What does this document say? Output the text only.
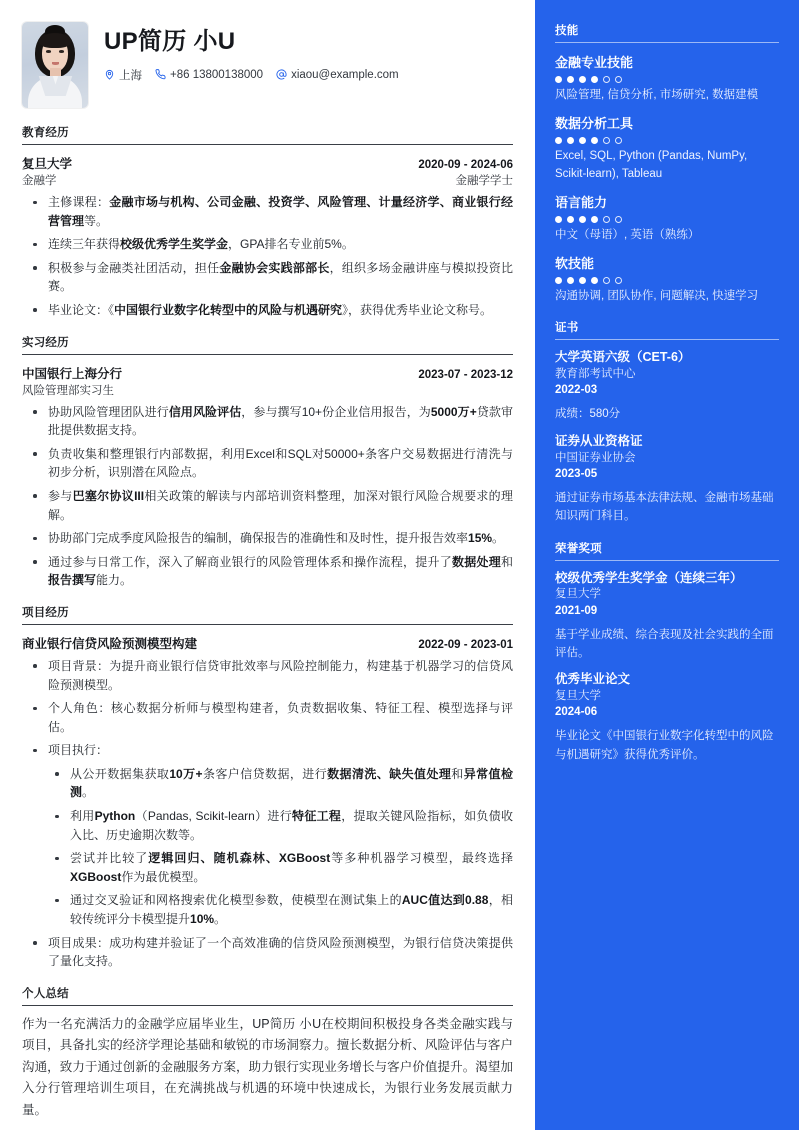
UP简历 小U
上海 +86 13800138000 xiaou@example.com
教育经历
复旦大学	2020-09 - 2024-06
金融学	金融学学士
主修课程：金融市场与机构、公司金融、投资学、风险管理、计量经济学、商业银行经营管理等。
连续三年获得校级优秀学生奖学金，GPA排名专业前5%。
积极参与金融类社团活动，担任金融协会实践部部长，组织多场金融讲座与模拟投资比赛。
毕业论文：《中国银行业数字化转型中的风险与机遇研究》，获得优秀毕业论文称号。
实习经历
中国银行上海分行	2023-07 - 2023-12
风险管理部实习生
协助风险管理团队进行信用风险评估，参与撰写10+份企业信用报告，为5000万+贷款审批提供数据支持。
负责收集和整理银行内部数据，利用Excel和SQL对50000+条客户交易数据进行清洗与初步分析，识别潜在风险点。
参与巴塞尔协议III相关政策的解读与内部培训资料整理，加深对银行风险合规要求的理解。
协助部门完成季度风险报告的编制，确保报告的准确性和及时性，提升报告效率15%。
通过参与日常工作，深入了解商业银行的风险管理体系和操作流程，提升了数据处理和报告撰写能力。
项目经历
商业银行信贷风险预测模型构建	2022-09 - 2023-01
项目背景：为提升商业银行信贷审批效率与风险控制能力，构建基于机器学习的信贷风险预测模型。
个人角色：核心数据分析师与模型构建者，负责数据收集、特征工程、模型选择与评估。
项目执行：
从公开数据集获取10万+条客户信贷数据，进行数据清洗、缺失值处理和异常值检测。
利用Python（Pandas, Scikit-learn）进行特征工程，提取关键风险指标，如负债收入比、历史逾期次数等。
尝试并比较了逻辑回归、随机森林、XGBoost等多种机器学习模型，最终选择XGBoost作为最优模型。
通过交叉验证和网格搜索优化模型参数，使模型在测试集上的AUC值达到0.88，相较传统评分卡模型提升10%。
项目成果：成功构建并验证了一个高效准确的信贷风险预测模型，为银行信贷决策提供了量化支持。
个人总结
作为一名充满活力的金融学应届毕业生，UP简历 小U在校期间积极投身各类金融实践与项目，具备扎实的经济学理论基础和敏锐的市场洞察力。擅长数据分析、风险评估与客户沟通，致力于通过创新的金融服务方案，助力银行实现业务增长与客户价值提升。渴望加入分行管理培训生项目，在充满挑战与机遇的环境中快速成长，为银行业务发展贡献力量。
技能
金融专业技能
风险管理, 信贷分析, 市场研究, 数据建模
数据分析工具
Excel, SQL, Python (Pandas, NumPy, Scikit-learn), Tableau
语言能力
中文（母语）, 英语（熟练）
软技能
沟通协调, 团队协作, 问题解决, 快速学习
证书
大学英语六级（CET-6）
教育部考试中心
2022-03
成绩：580分
证券从业资格证
中国证券业协会
2023-05
通过证券市场基本法律法规、金融市场基础知识两门科目。
荣誉奖项
校级优秀学生奖学金（连续三年）
复旦大学
2021-09
基于学业成绩、综合表现及社会实践的全面评估。
优秀毕业论文
复旦大学
2024-06
毕业论文《中国银行业数字化转型中的风险与机遇研究》获得优秀评价。
